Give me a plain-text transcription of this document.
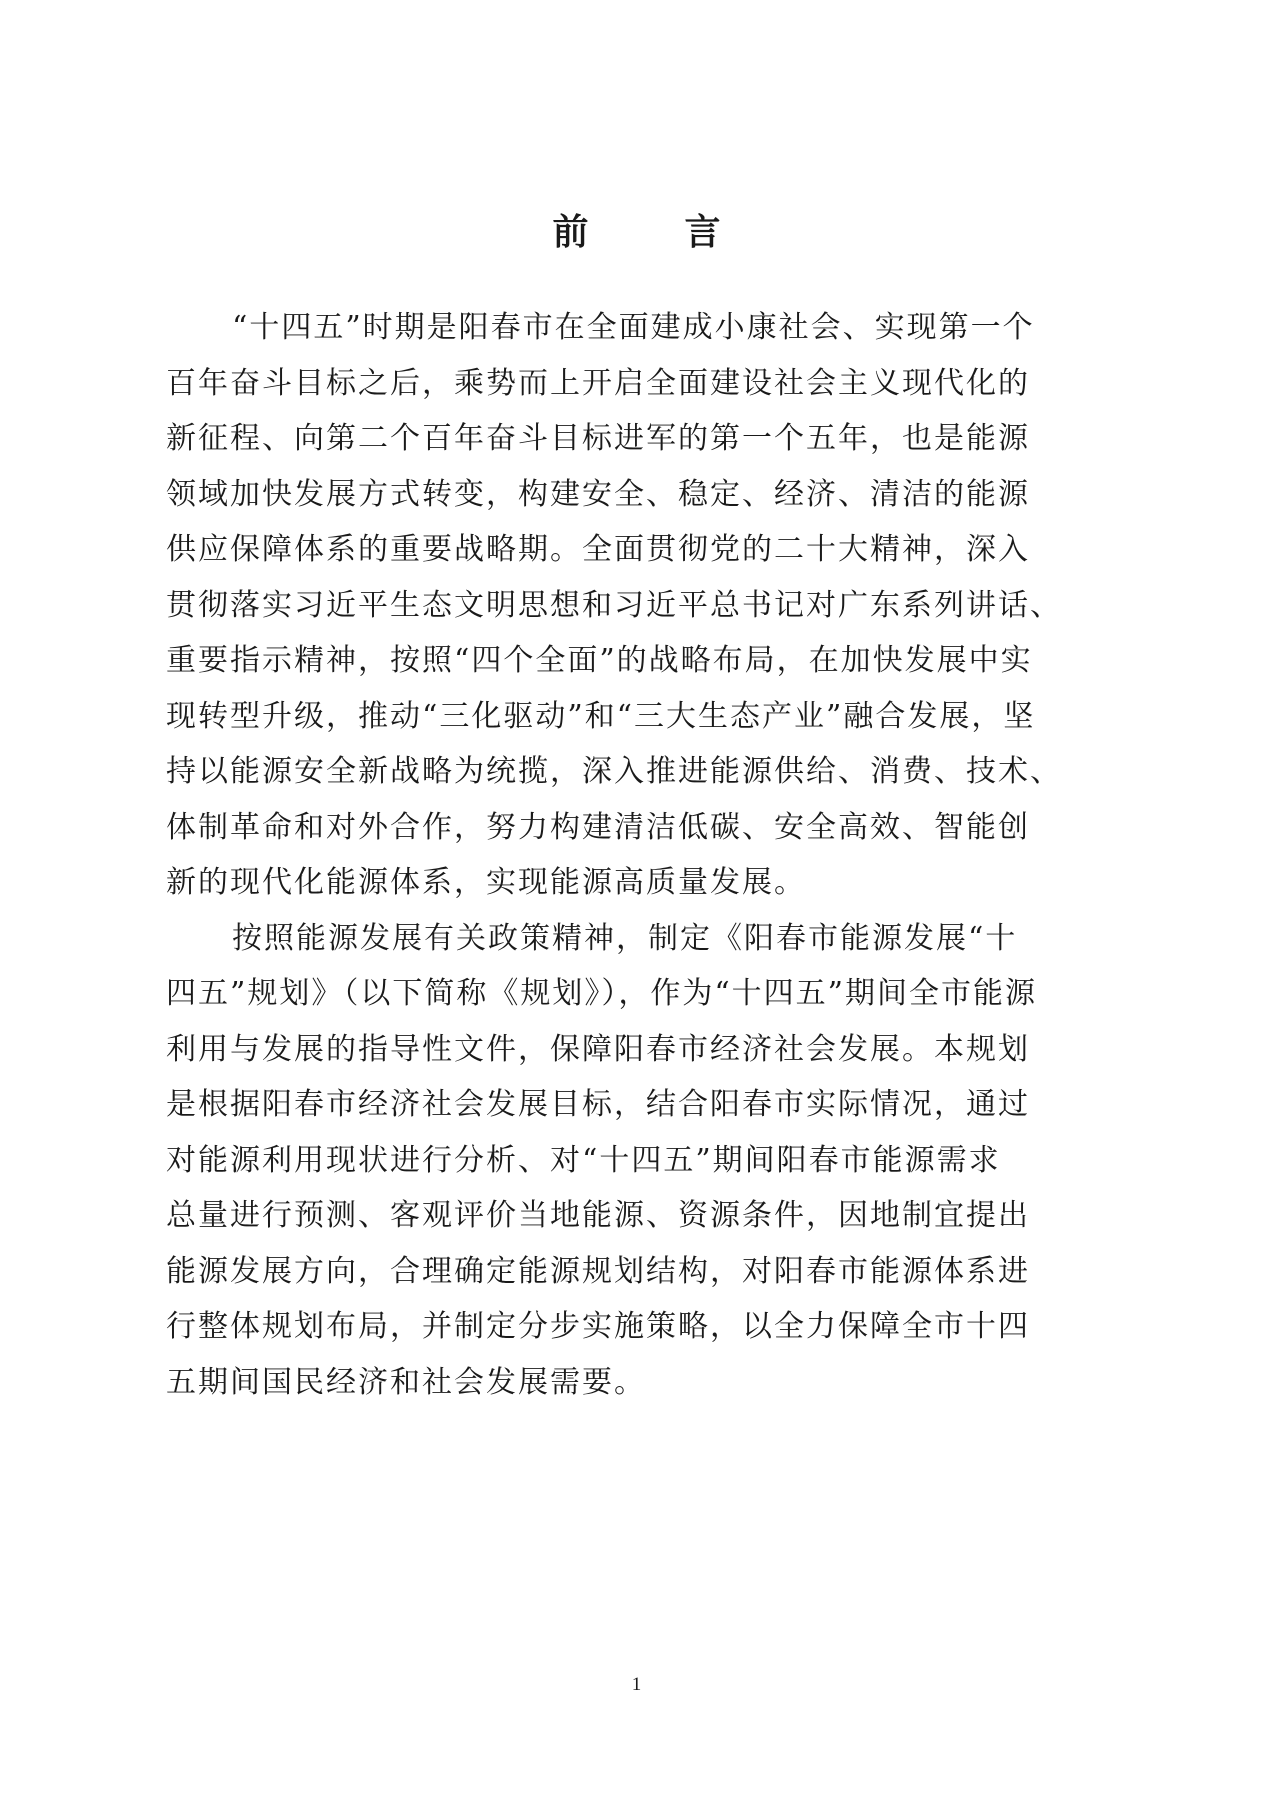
前　言
“十四五”时期是阳春市在全面建成小康社会、实现第一个
百年奋斗目标之后，乘势而上开启全面建设社会主义现代化的
新征程、向第二个百年奋斗目标进军的第一个五年，也是能源
领域加快发展方式转变，构建安全、稳定、经济、清洁的能源
供应保障体系的重要战略期。全面贯彻党的二十大精神，深入
贯彻落实习近平生态文明思想和习近平总书记对广东系列讲话、
重要指示精神，按照“四个全面”的战略布局，在加快发展中实
现转型升级，推动“三化驱动”和“三大生态产业”融合发展，坚
持以能源安全新战略为统揽，深入推进能源供给、消费、技术、
体制革命和对外合作，努力构建清洁低碳、安全高效、智能创
新的现代化能源体系，实现能源高质量发展。
按照能源发展有关政策精神，制定《阳春市能源发展“十
四五”规划》（以下简称《规划》），作为“十四五”期间全市能源
利用与发展的指导性文件，保障阳春市经济社会发展。本规划
是根据阳春市经济社会发展目标，结合阳春市实际情况，通过
对能源利用现状进行分析、对“十四五”期间阳春市能源需求
总量进行预测、客观评价当地能源、资源条件，因地制宜提出
能源发展方向，合理确定能源规划结构，对阳春市能源体系进
行整体规划布局，并制定分步实施策略，以全力保障全市十四
五期间国民经济和社会发展需要。
1
